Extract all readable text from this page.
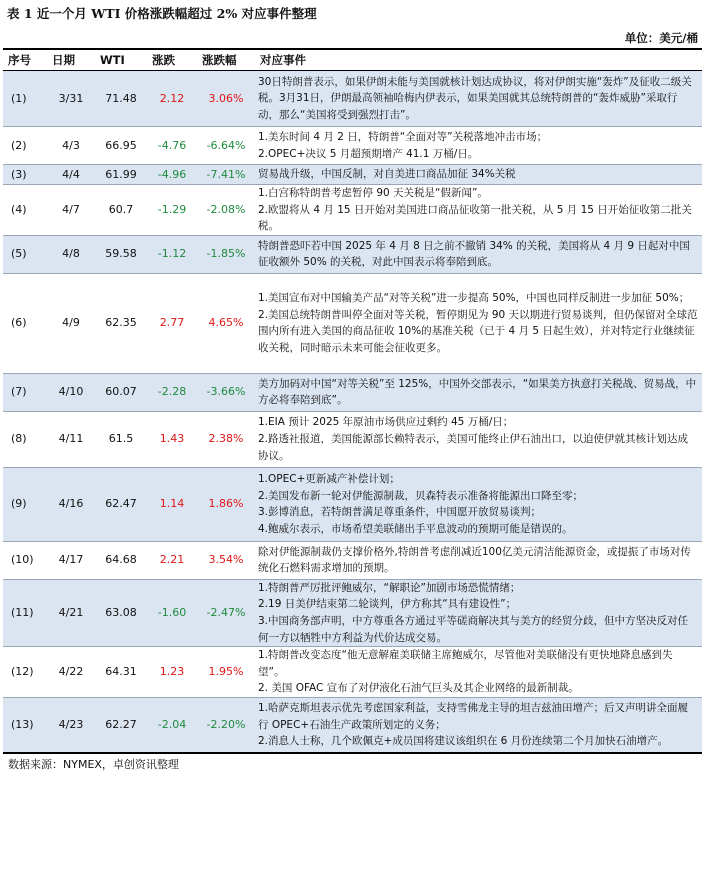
表 1 近一个月 WTI 价格涨跌幅超过 2% 对应事件整理
单位：美元/桶
序号	日期	WTI	涨跌	涨跌幅	对应事件
(1)	3/31	71.48	2.12	3.06%	30日特朗普表示，如果伊朗未能与美国就核计划达成协议，将对伊朗实施“轰炸”及征收二级关税。3月31日，伊朗最高领袖哈梅内伊表示，如果美国就其总统特朗普的“轰炸威胁”采取行动，那么“美国将受到强烈打击”。

(2)	4/3	66.95	-4.76	-6.64%	1.美东时间 4 月 2 日，特朗普“全面对等”关税落地冲击市场；
2.OPEC+决议 5 月超预期增产 41.1 万桶/日。

(3)	4/4	61.99	-4.96	-7.41%	贸易战升级，中国反制，对自美进口商品加征 34%关税

(4)	4/7	60.7	-1.29	-2.08%	1.白宫称特朗普考虑暂停 90 天关税是“假新闻”。
2.欧盟将从 4 月 15 日开始对美国进口商品征收第一批关税，从 5 月 15 日开始征收第二批关税。

(5)	4/8	59.58	-1.12	-1.85%	特朗普恐吓若中国 2025 年 4 月 8 日之前不撤销 34% 的关税，美国将从 4 月 9 日起对中国征收额外 50% 的关税，对此中国表示将奉陪到底。

(6)	4/9	62.35	2.77	4.65%	1.美国宣布对中国输美产品“对等关税”进一步提高 50%，中国也同样反制进一步加征 50%；
2.美国总统特朗普叫停全面对等关税，暂停期见为 90 天以期进行贸易谈判，但仍保留对全球范围内所有进入美国的商品征收 10%的基准关税（已于 4 月 5 日起生效），并对特定行业继续征收关税，同时暗示未来可能会征收更多。

(7)	4/10	60.07	-2.28	-3.66%	美方加码对中国“对等关税”至 125%，中国外交部表示，“如果美方执意打关税战、贸易战，中方必将奉陪到底”。

(8)	4/11	61.5	1.43	2.38%	1.EIA 预计 2025 年原油市场供应过剩约 45 万桶/日；
2.路透社报道，美国能源部长赖特表示，美国可能终止伊石油出口，以迫使伊就其核计划达成协议。

(9)	4/16	62.47	1.14	1.86%	1.OPEC+更新减产补偿计划；
2.美国发布新一轮对伊能源制裁，贝森特表示准备将能源出口降至零；
3.彭博消息，若特朗普满足尊重条件，中国愿开放贸易谈判；
4.鲍威尔表示，市场希望美联储出手平息波动的预期可能是错误的。

(10)	4/17	64.68	2.21	3.54%	除对伊能源制裁仍支撑价格外,特朗普考虑削减近100亿美元清洁能源资金，或提振了市场对传统化石燃料需求增加的预期。

(11)	4/21	63.08	-1.60	-2.47%	1.特朗普严厉批评鲍威尔，“解职论”加剧市场恐慌情绪；
2.19 日美伊结束第二轮谈判，伊方称其“具有建设性”；
3.中国商务部声明，中方尊重各方通过平等磋商解决其与美方的经贸分歧，但中方坚决反对任何一方以牺牲中方利益为代价达成交易。

(12)	4/22	64.31	1.23	1.95%	1.特朗普改变态度“他无意解雇美联储主席鲍威尔，尽管他对美联储没有更快地降息感到失望”。
2. 美国 OFAC 宣布了对伊液化石油气巨头及其企业网络的最新制裁。

(13)	4/23	62.27	-2.04	-2.20%	1.哈萨克斯坦表示优先考虑国家利益，支持雪佛龙主导的坦吉兹油田增产；后又声明讲全面履行 OPEC+石油生产政策所划定的义务；
2.消息人士称，几个欧佩克+成员国将建议该组织在 6 月份连续第二个月加快石油增产。
数据来源：NYMEX，卓创资讯整理
